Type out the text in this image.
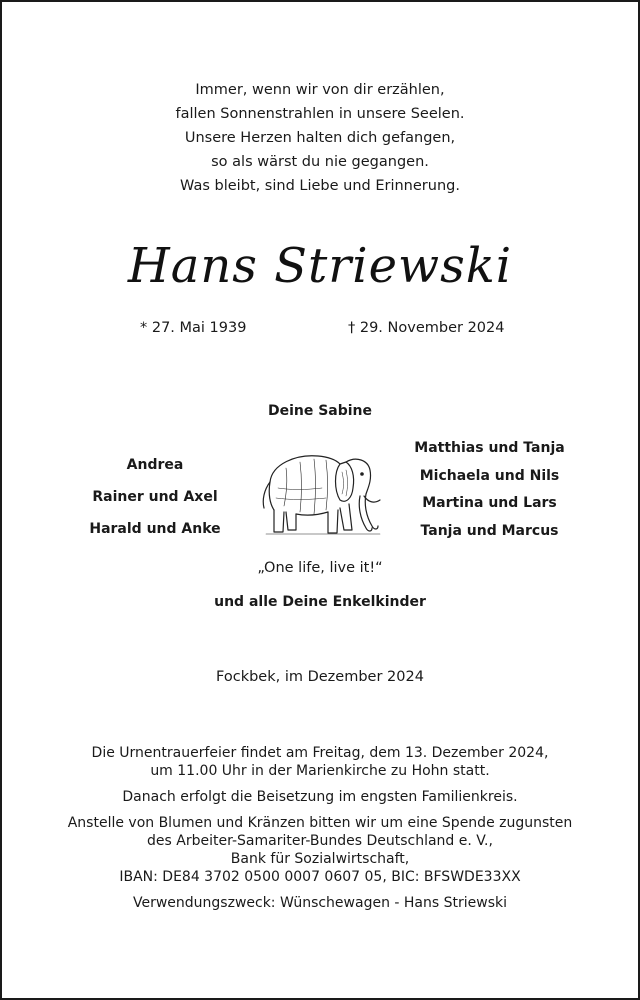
Immer, wenn wir von dir erzählen,
fallen Sonnenstrahlen in unsere Seelen.
Unsere Herzen halten dich gefangen,
so als wärst du nie gegangen.
Was bleibt, sind Liebe und Erinnerung.
Hans Striewski
* 27. Mai 1939	† 29. November 2024
Deine Sabine
Andrea
Rainer und Axel
Harald und Anke
Matthias und Tanja
Michaela und Nils
Martina und Lars
Tanja und Marcus
„One life, live it!“
und alle Deine Enkelkinder
Fockbek, im Dezember 2024
Die Urnentrauerfeier findet am Freitag, dem 13. Dezember 2024,
um 11.00 Uhr in der Marienkirche zu Hohn statt.
Danach erfolgt die Beisetzung im engsten Familienkreis.
Anstelle von Blumen und Kränzen bitten wir um eine Spende zugunsten
des Arbeiter-Samariter-Bundes Deutschland e. V.,
Bank für Sozialwirtschaft,
IBAN: DE84 3702 0500 0007 0607 05, BIC: BFSWDE33XX
Verwendungszweck: Wünschewagen - Hans Striewski
